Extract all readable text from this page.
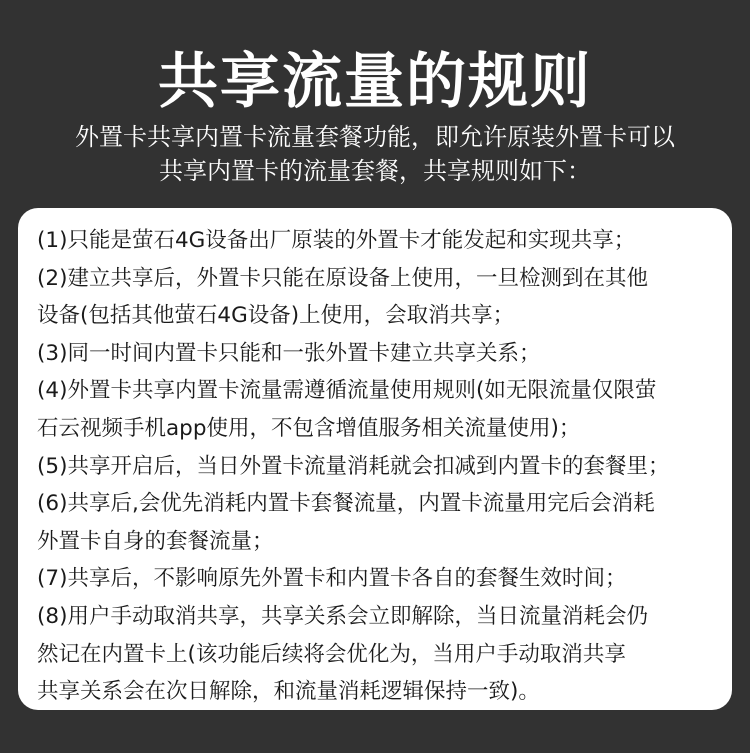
共享流量的规则
外置卡共享内置卡流量套餐功能，即允许原装外置卡可以
共享内置卡的流量套餐，共享规则如下：
(1)只能是萤石4G设备出厂原装的外置卡才能发起和实现共享；
(2)建立共享后，外置卡只能在原设备上使用，一旦检测到在其他
设备(包括其他萤石4G设备)上使用，会取消共享；
(3)同一时间内置卡只能和一张外置卡建立共享关系；
(4)外置卡共享内置卡流量需遵循流量使用规则(如无限流量仅限萤
石云视频手机app使用，不包含增值服务相关流量使用)；
(5)共享开启后，当日外置卡流量消耗就会扣减到内置卡的套餐里；
(6)共享后,会优先消耗内置卡套餐流量，内置卡流量用完后会消耗
外置卡自身的套餐流量；
(7)共享后，不影响原先外置卡和内置卡各自的套餐生效时间；
(8)用户手动取消共享，共享关系会立即解除，当日流量消耗会仍
然记在内置卡上(该功能后续将会优化为，当用户手动取消共享
共享关系会在次日解除，和流量消耗逻辑保持一致)。
